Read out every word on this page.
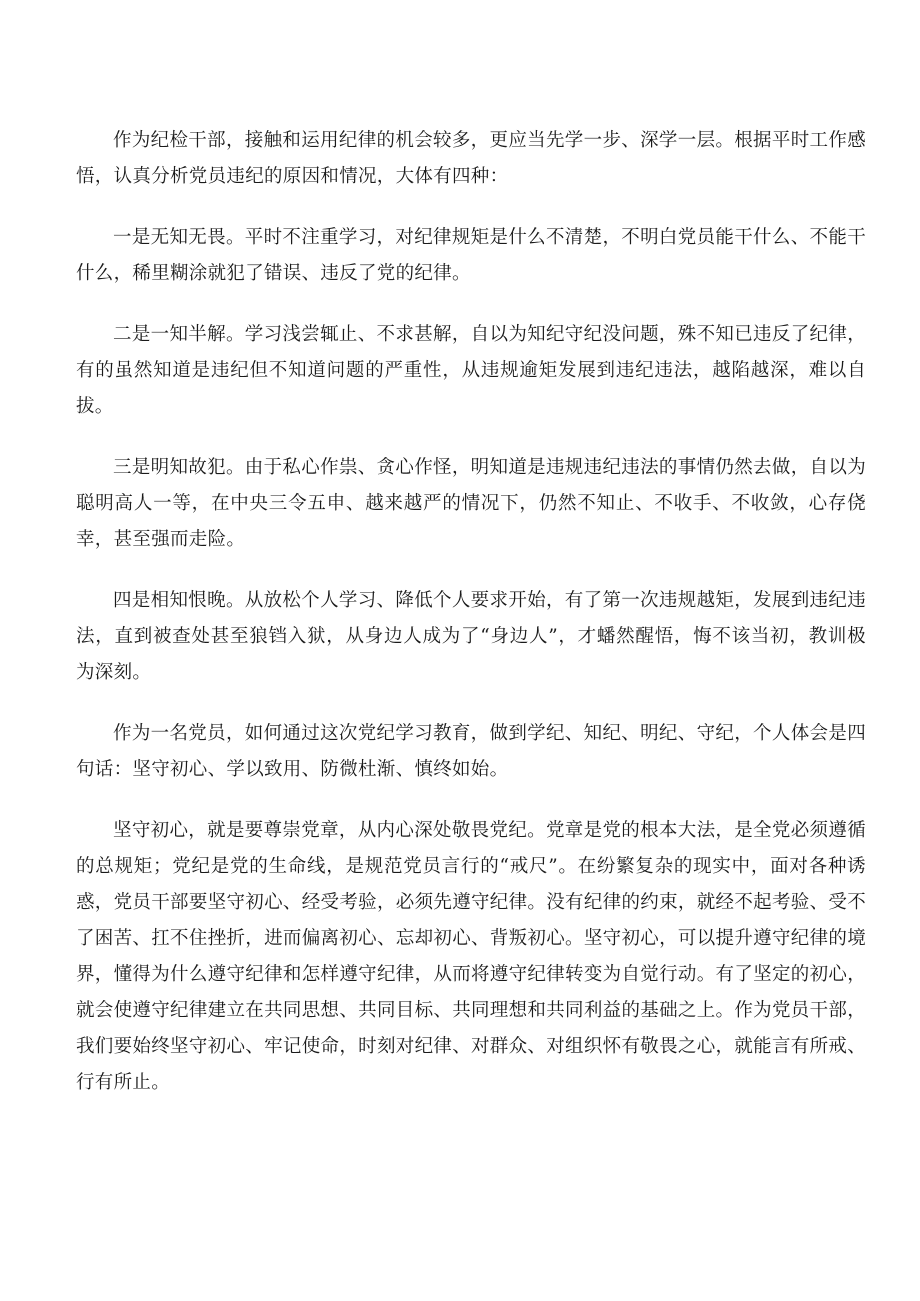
作为纪检干部，接触和运用纪律的机会较多，更应当先学一步、深学一层。根据平时工作感悟，认真分析党员违纪的原因和情况，大体有四种：

一是无知无畏。平时不注重学习，对纪律规矩是什么不清楚，不明白党员能干什么、不能干什么，稀里糊涂就犯了错误、违反了党的纪律。

二是一知半解。学习浅尝辄止、不求甚解，自以为知纪守纪没问题，殊不知已违反了纪律，有的虽然知道是违纪但不知道问题的严重性，从违规逾矩发展到违纪违法，越陷越深，难以自拔。

三是明知故犯。由于私心作祟、贪心作怪，明知道是违规违纪违法的事情仍然去做，自以为聪明高人一等，在中央三令五申、越来越严的情况下，仍然不知止、不收手、不收敛，心存侥幸，甚至强而走险。

四是相知恨晚。从放松个人学习、降低个人要求开始，有了第一次违规越矩，发展到违纪违法，直到被查处甚至狼铛入狱，从身边人成为了“身边人”，才蟠然醒悟，悔不该当初，教训极为深刻。

作为一名党员，如何通过这次党纪学习教育，做到学纪、知纪、明纪、守纪，个人体会是四句话：坚守初心、学以致用、防微杜渐、慎终如始。

坚守初心，就是要尊崇党章，从内心深处敬畏党纪。党章是党的根本大法，是全党必须遵循的总规矩；党纪是党的生命线，是规范党员言行的“戒尺”。在纷繁复杂的现实中，面对各种诱惑，党员干部要坚守初心、经受考验，必须先遵守纪律。没有纪律的约束，就经不起考验、受不了困苦、扛不住挫折，进而偏离初心、忘却初心、背叛初心。坚守初心，可以提升遵守纪律的境界，懂得为什么遵守纪律和怎样遵守纪律，从而将遵守纪律转变为自觉行动。有了坚定的初心，就会使遵守纪律建立在共同思想、共同目标、共同理想和共同利益的基础之上。作为党员干部，我们要始终坚守初心、牢记使命，时刻对纪律、对群众、对组织怀有敬畏之心，就能言有所戒、行有所止。
